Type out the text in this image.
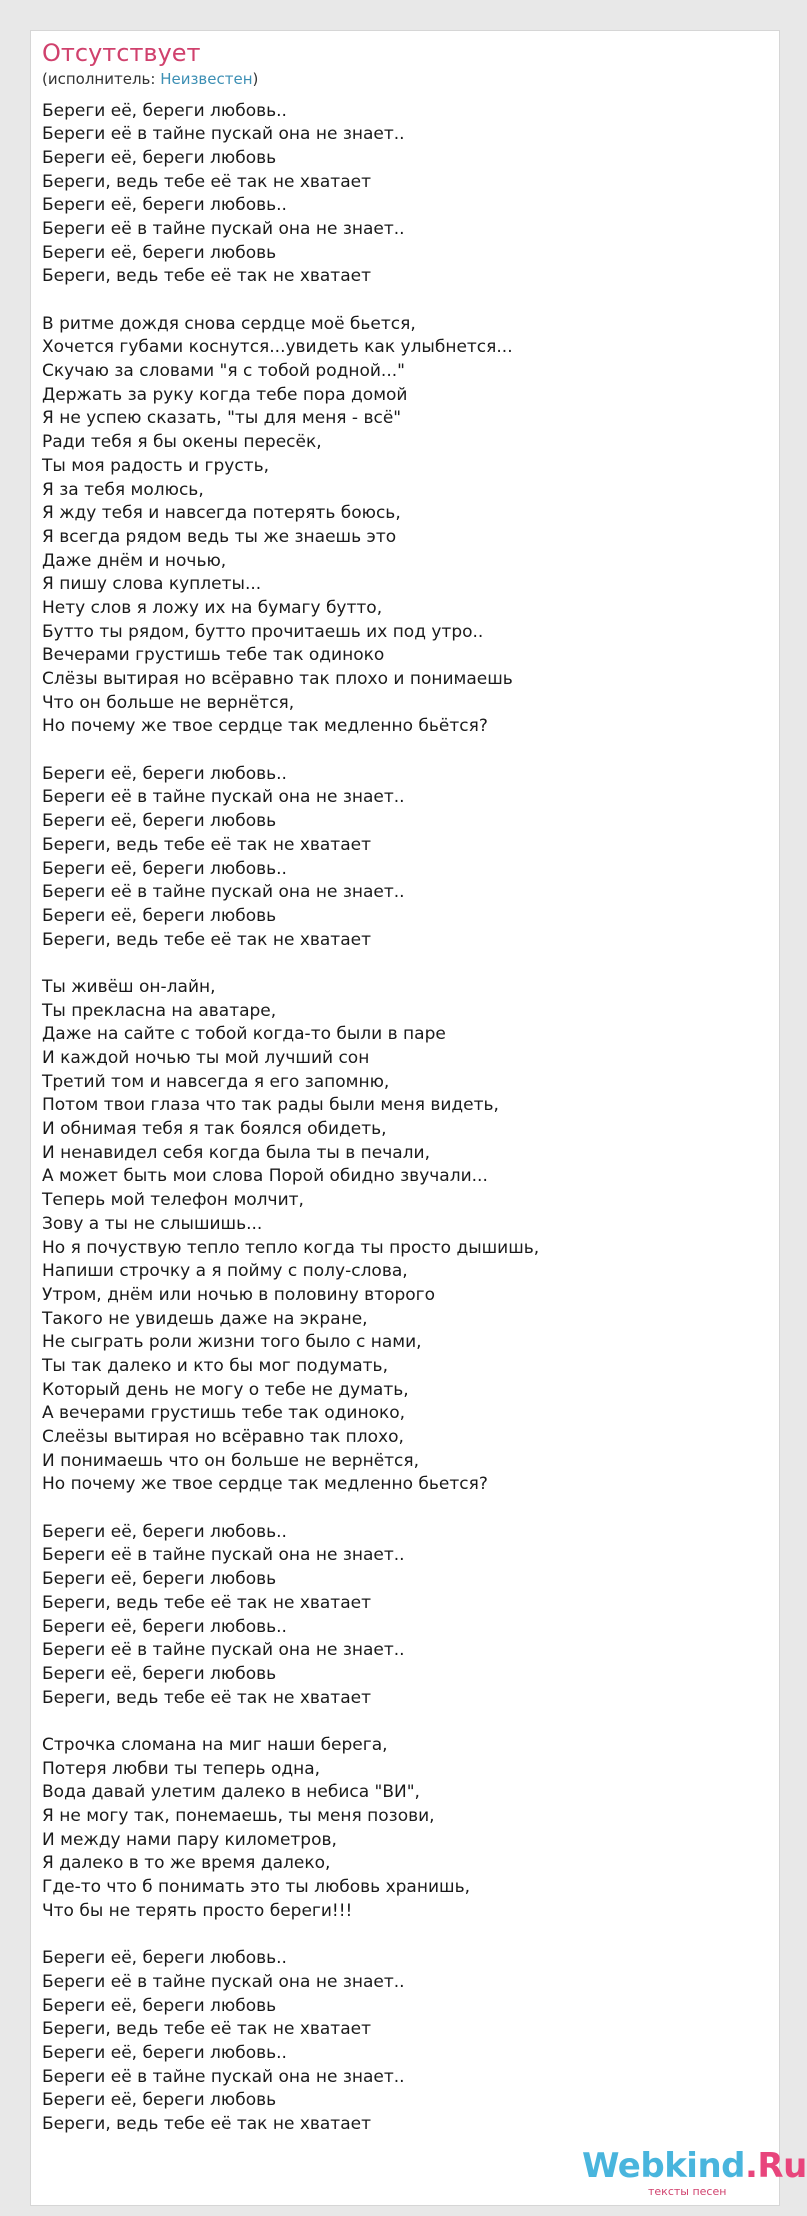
Отсутствует
(исполнитель: Неизвестен)
Береги её, береги любовь..
Береги её в тайне пускай она не знает..
Береги её, береги любовь
Береги, ведь тебе её так не хватает
Береги её, береги любовь..
Береги её в тайне пускай она не знает..
Береги её, береги любовь
Береги, ведь тебе её так не хватает

В ритме дождя снова сердце моё бьется,
Хочется губами коснутся...увидеть как улыбнется...
Скучаю за словами "я с тобой родной..."
Держать за руку когда тебе пора домой
Я не успею сказать, "ты для меня - всё"
Ради тебя я бы окены пересёк,
Ты моя радость и грусть,
Я за тебя молюсь,
Я жду тебя и навсегда потерять боюсь,
Я всегда рядом ведь ты же знаешь это
Даже днём и ночью,
Я пишу слова куплеты...
Нету слов я ложу их на бумагу бутто,
Бутто ты рядом, бутто прочитаешь их под утро..
Вечерами грустишь тебе так одиноко
Слёзы вытирая но всёравно так плохо и понимаешь
Что он больше не вернётся,
Но почему же твое сердце так медленно бьётся?

Береги её, береги любовь..
Береги её в тайне пускай она не знает..
Береги её, береги любовь
Береги, ведь тебе её так не хватает
Береги её, береги любовь..
Береги её в тайне пускай она не знает..
Береги её, береги любовь
Береги, ведь тебе её так не хватает

Ты живёш он-лайн,
Ты прекласна на аватаре,
Даже на сайте с тобой когда-то были в паре
И каждой ночью ты мой лучший сон
Третий том и навсегда я его запомню,
Потом твои глаза что так рады были меня видеть,
И обнимая тебя я так боялся обидеть,
И ненавидел себя когда была ты в печали,
А может быть мои слова Порой обидно звучали...
Теперь мой телефон молчит,
Зову а ты не слышишь...
Но я почуствую тепло тепло когда ты просто дышишь,
Напиши строчку а я пойму с полу-слова,
Утром, днём или ночью в половину второго
Такого не увидешь даже на экране,
Не сыграть роли жизни того было с нами,
Ты так далеко и кто бы мог подумать,
Который день не могу о тебе не думать,
А вечерами грустишь тебе так одиноко,
Слеёзы вытирая но всёравно так плохо,
И понимаешь что он больше не вернётся,
Но почему же твое сердце так медленно бьется?

Береги её, береги любовь..
Береги её в тайне пускай она не знает..
Береги её, береги любовь
Береги, ведь тебе её так не хватает
Береги её, береги любовь..
Береги её в тайне пускай она не знает..
Береги её, береги любовь
Береги, ведь тебе её так не хватает

Строчка сломана на миг наши берега,
Потеря любви ты теперь одна,
Вода давай улетим далеко в небиса "ВИ",
Я не могу так, понемаешь, ты меня позови,
И между нами пару километров,
Я далеко в то же время далеко,
Где-то что б понимать это ты любовь хранишь,
Что бы не терять просто береги!!!

Береги её, береги любовь..
Береги её в тайне пускай она не знает..
Береги её, береги любовь
Береги, ведь тебе её так не хватает
Береги её, береги любовь..
Береги её в тайне пускай она не знает..
Береги её, береги любовь
Береги, ведь тебе её так не хватает
Webkind.Ru
тексты песен
